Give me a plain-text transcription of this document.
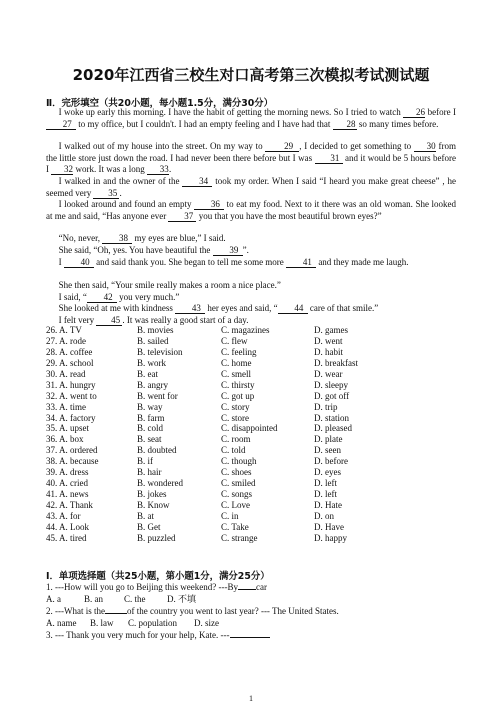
2020年江西省三校生对口高考第三次模拟考试测试题
Ⅱ．完形填空（共20小题，每小题1.5分，满分30分）
I woke up early this morning. I have the habit of getting the morning news. So I tried to watch 26 before I 27 to my office, but I couldn't. I had an empty feeling and I have had that 28 so many times before.
I walked out of my house into the street. On my way to 29 , I decided to get something to 30 from the little store just down the road. I had never been there before but I was 31 and it would be 5 hours before I 32 work. It was a long 33.
I walked in and the owner of the 34 took my order. When I said “I heard you make great cheese” , he seemed very 35 .
I looked around and found an empty 36 to eat my food. Next to it there was an old woman. She looked at me and said, “Has anyone ever 37 you that you have the most beautiful brown eyes?”
“No, never, 38 my eyes are blue,” I said.
She said, “Oh, yes. You have beautiful the 39 ”.
I 40 and said thank you. She began to tell me some more 41 and they made me laugh.
She then said, “Your smile really makes a room a nice place.”
I said, “ 42 you very much.”
She looked at me with kindness 43 her eyes and said, “ 44 care of that smile.”
I felt very 45 . It was really a good start of a day.
26. A. TV	B. movies	C. magazines	D. games
27. A. rode	B. sailed	C. flew	D. went
28. A. coffee	B. television	C. feeling	D. habit
29. A. school	B. work	C. home	D. breakfast
30. A. read	B. eat	C. smell	D. wear
31. A. hungry	B. angry	C. thirsty	D. sleepy
32. A. went to	B. went for	C. got up	D. got off
33. A. time	B. way	C. story	D. trip
34. A. factory	B. farm	C. store	D. station
35. A. upset	B. cold	C. disappointed	D. pleased
36. A. box	B. seat	C. room	D. plate
37. A. ordered	B. doubted	C. told	D. seen
38. A. because	B. if	C. though	D. before
39. A. dress	B. hair	C. shoes	D. eyes
40. A. cried	B. wondered	C. smiled	D. left
41. A. news	B. jokes	C. songs	D. left
42. A. Thank	B. Know	C. Love	D. Hate
43. A. for	B. at	C. in	D. on
44. A. Look	B. Get	C. Take	D. Have
45. A. tired	B. puzzled	C. strange	D. happy
Ⅰ．单项选择题（共25小题，第小题1分，满分25分）
1. ---How will you go to Beijing this weekend? ---By car
A. a	B. an	C. the	D. 不填
2. ---What is the of the country you went to last year? --- The United States.
A. name	B. law	C. population	D. size
3. --- Thank you very much for your help, Kate. ---
1
